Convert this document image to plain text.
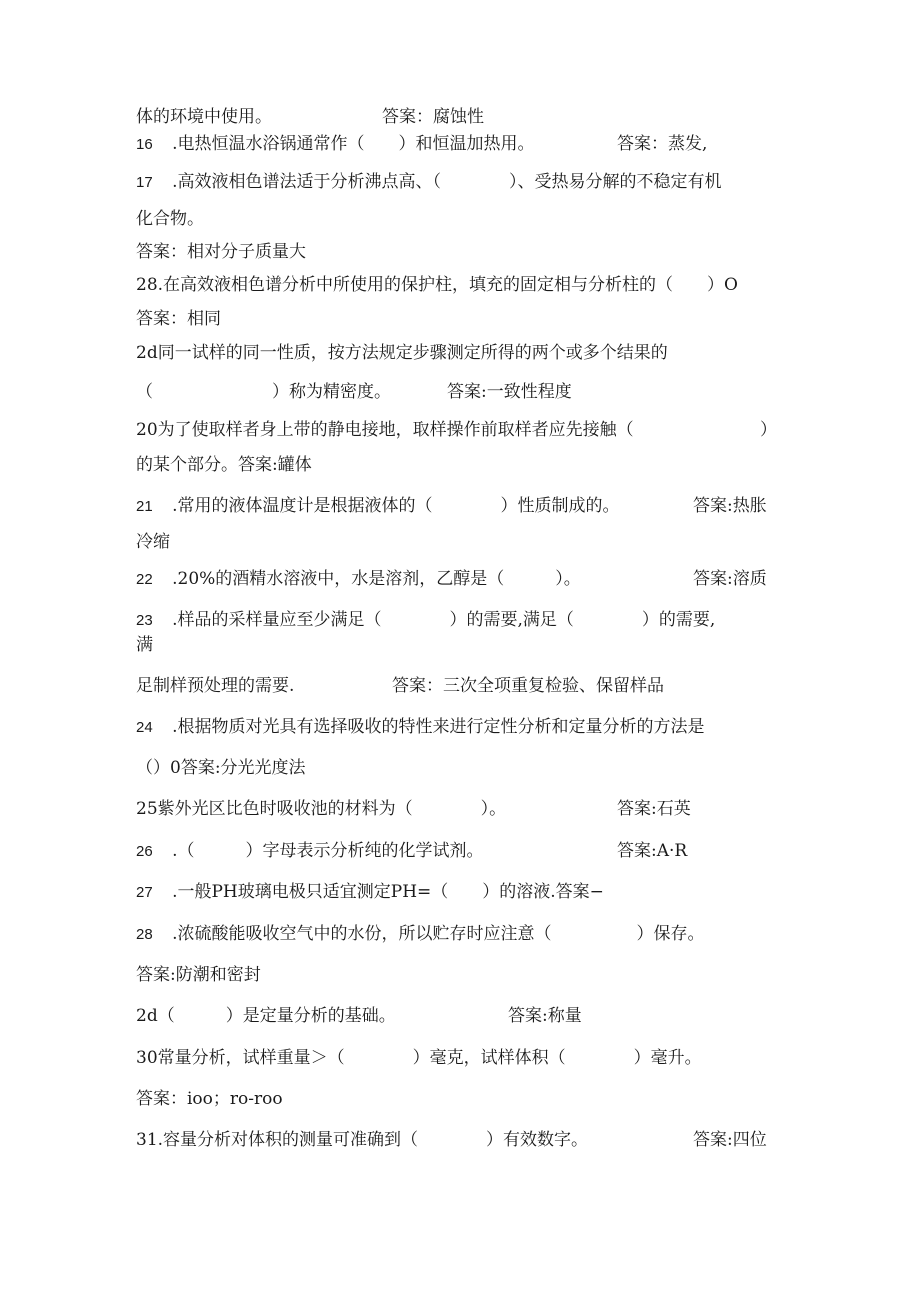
体的环境中使用。	答案：腐蚀性
16 .电热恒温水浴锅通常作（　　）和恒温加热用。	答案：蒸发,
17 .高效液相色谱法适于分析沸点高、（　　　　）、受热易分解的不稳定有机
化合物。
答案：相对分子质量大
28.在高效液相色谱分析中所使用的保护柱，填充的固定相与分析柱的（　　）O
答案：相同
2d同一试样的同一性质，按方法规定步骤测定所得的两个或多个结果的
（	）称为精密度。	答案:一致性程度
20为了使取样者身上带的静电接地，取样操作前取样者应先接触（	）
的某个部分。答案:罐体
21 .常用的液体温度计是根据液体的（　　　　）性质制成的。	答案:热胀
冷缩
22 .20%的酒精水溶液中，水是溶剂，乙醇是（　　　）。	答案:溶质
23 .样品的采样量应至少满足（　　　　）的需要,满足（　　　　）的需要,
满
足制样预处理的需要.	答案：三次全项重复检验、保留样品
24 .根据物质对光具有选择吸收的特性来进行定性分析和定量分析的方法是
（）0答案:分光光度法
25紫外光区比色时吸收池的材料为（　　　　）。	答案:石英
26 .（　　　）字母表示分析纯的化学试剂。	答案:A·R
27 .一般PH玻璃电极只适宜测定PH=（　　）的溶液.答案−
28 .浓硫酸能吸收空气中的水份，所以贮存时应注意（　　　　　）保存。
答案:防潮和密封
2d（　　　）是定量分析的基础。	答案:称量
30常量分析，试样重量＞（　　　　）毫克，试样体积（　　　　）毫升。
答案：ioo；ro-roo
31.容量分析对体积的测量可准确到（　　　　）有效数字。	答案:四位
